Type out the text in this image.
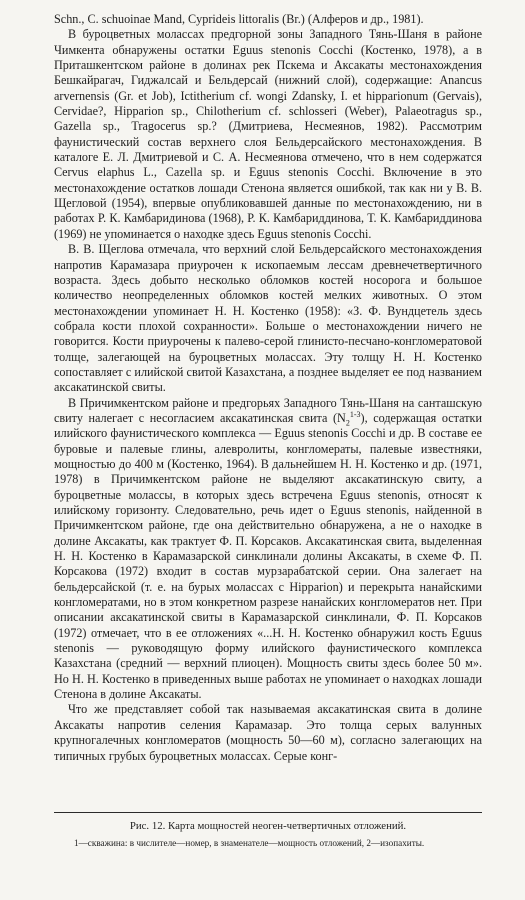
Schn., C. schuoinae Mand, Cyprideis littoralis (Br.) (Алферов и др., 1981).

В буроцветных молассах предгорной зоны Западного Тянь-Шаня в районе Чимкента обнаружены остатки Eguus stenonis Cocchi (Костенко, 1978), а в Приташкентском районе в долинах рек Пскема и Аксакаты местонахождения Бешкайрагач, Гиджалсай и Бельдерсай (нижний слой), содержащие: Anancus arvernensis (Gr. et Job), Ictitherium cf. wongi Zdansky, I. et hipparionum (Gervais), Cervidae?, Hipparion sp., Chilotherium cf. schlosseri (Weber), Palaeotragus sp., Gazella sp., Tragocerus sp.? (Дмитриева, Несмеянов, 1982). Рассмотрим фаунистический состав верхнего слоя Бельдерсайского местонахождения. В каталоге Е. Л. Дмитриевой и С. А. Несмеянова отмечено, что в нем содержатся Cervus elaphus L., Cazella sp. и Eguus stenonis Cocchi. Включение в это местонахождение остатков лошади Стенона является ошибкой, так как ни у В. В. Щегловой (1954), впервые опубликовавшей данные по местонахождению, ни в работах Р. К. Камбаридинова (1968), Р. К. Камбариддинова, Т. К. Камбариддинова (1969) не упоминается о находке здесь Eguus stenonis Cocchi.

В. В. Щеглова отмечала, что верхний слой Бельдерсайского местонахождения напротив Карамазара приурочен к ископаемым лессам древнечетвертичного возраста. Здесь добыто несколько обломков костей носорога и большое количество неопределенных обломков костей мелких животных. О этом местонахождении упоминает Н. Н. Костенко (1958): «З. Ф. Вундцетель здесь собрала кости плохой сохранности». Больше о местонахождении ничего не говорится. Кости приурочены к палево-серой глинисто-песчано-конгломератовой толще, залегающей на буроцветных молассах. Эту толщу Н. Н. Костенко сопоставляет с илийской свитой Казахстана, а позднее выделяет ее под названием аксакатинской свиты.

В Причимкентском районе и предгорьях Западного Тянь-Шаня на санташскую свиту налегает с несогласием аксакатинская свита $(N_2^{1-3})$, содержащая остатки илийского фаунистического комплекса — Eguus stenonis Cocchi и др. В составе ее буровые и палевые глины, алевролиты, конгломераты, палевые известняки, мощностью до 400 м (Костенко, 1964). В дальнейшем Н. Н. Костенко и др. (1971, 1978) в Причимкентском районе не выделяют аксакатинскую свиту, а буроцветные молассы, в которых здесь встречена Eguus stenonis, относят к илийскому горизонту. Следовательно, речь идет о Eguus stenonis, найденной в Причимкентском районе, где она действительно обнаружена, а не о находке в долине Аксакаты, как трактует Ф. П. Корсаков. Аксакатинская свита, выделенная Н. Н. Костенко в Карамазарской синклинали долины Аксакаты, в схеме Ф. П. Корсакова (1972) входит в состав мурзарабатской серии. Она залегает на бельдерсайской (т. е. на бурых молассах с Hipparion) и перекрыта нанайскими конгломератами, но в этом конкретном разрезе нанайских конгломератов нет. При описании аксакатинской свиты в Карамазарской синклинали, Ф. П. Корсаков (1972) отмечает, что в ее отложениях «...Н. Н. Костенко обнаружил кость Eguus stenonis — руководящую форму илийского фаунистического комплекса Казахстана (средний — верхний плиоцен). Мощность свиты здесь более 50 м». Но Н. Н. Костенко в приведенных выше работах не упоминает о находках лошади Стенона в долине Аксакаты.

Что же представляет собой так называемая аксакатинская свита в долине Аксакаты напротив селения Карамазар. Это толща серых валунных крупногалечных конгломератов (мощность 50—60 м), согласно залегающих на типичных грубых буроцветных молассах. Серые конг-

Рис. 12. Карта мощностей неоген-четвертичных отложений.
1—скважина: в числителе—номер, в знаменателе—мощность отложений, 2—изопахиты.
